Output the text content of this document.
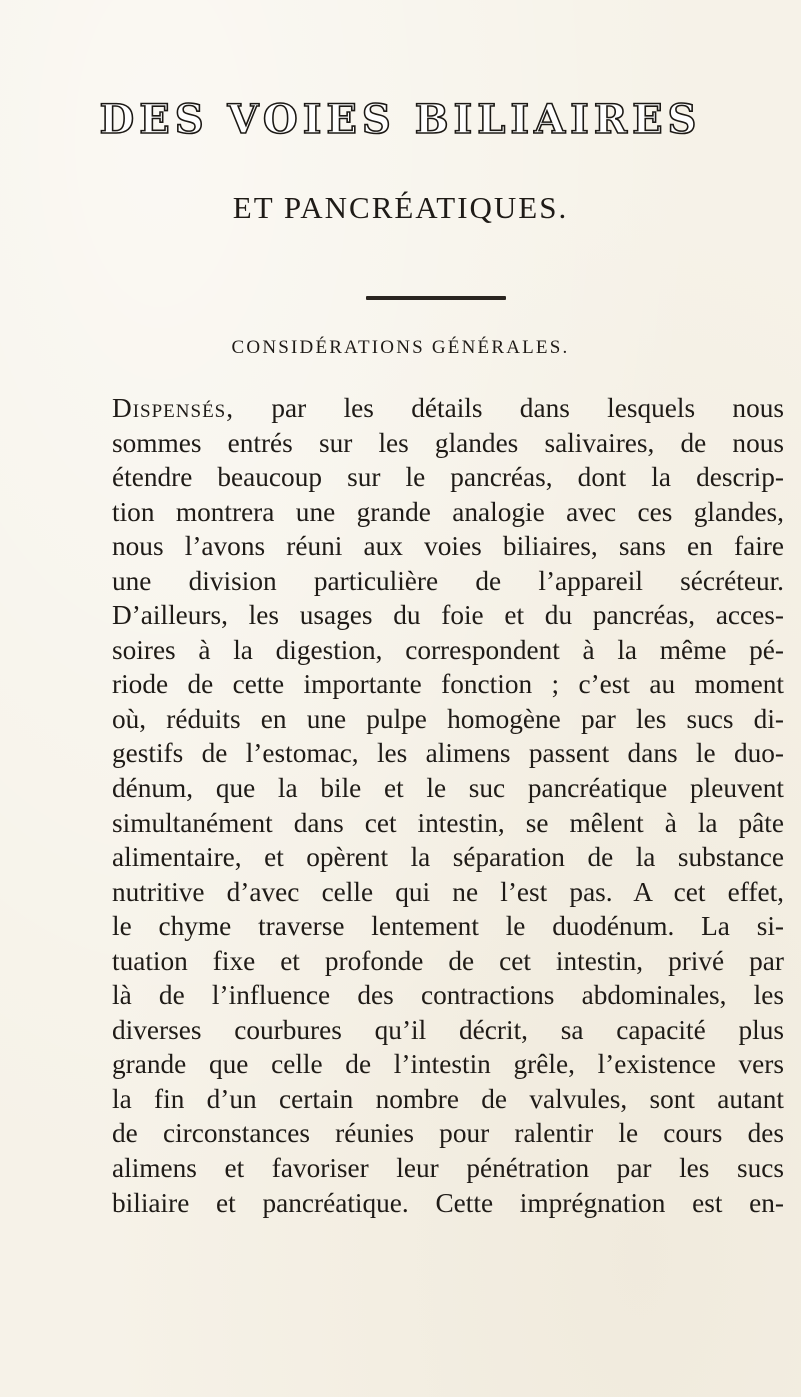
DES VOIES BILIAIRES
ET PANCRÉATIQUES.
CONSIDÉRATIONS GÉNÉRALES.
Dispensés, par les détails dans lesquels nous
sommes entrés sur les glandes salivaires, de nous
étendre beaucoup sur le pancréas, dont la descrip-
tion montrera une grande analogie avec ces glandes,
nous l’avons réuni aux voies biliaires, sans en faire
une division particulière de l’appareil sécréteur.
D’ailleurs, les usages du foie et du pancréas, acces-
soires à la digestion, correspondent à la même pé-
riode de cette importante fonction ; c’est au moment
où, réduits en une pulpe homogène par les sucs di-
gestifs de l’estomac, les alimens passent dans le duo-
dénum, que la bile et le suc pancréatique pleuvent
simultanément dans cet intestin, se mêlent à la pâte
alimentaire, et opèrent la séparation de la substance
nutritive d’avec celle qui ne l’est pas. A cet effet,
le chyme traverse lentement le duodénum. La si-
tuation fixe et profonde de cet intestin, privé par
là de l’influence des contractions abdominales, les
diverses courbures qu’il décrit, sa capacité plus
grande que celle de l’intestin grêle, l’existence vers
la fin d’un certain nombre de valvules, sont autant
de circonstances réunies pour ralentir le cours des
alimens et favoriser leur pénétration par les sucs
biliaire et pancréatique. Cette imprégnation est en-
